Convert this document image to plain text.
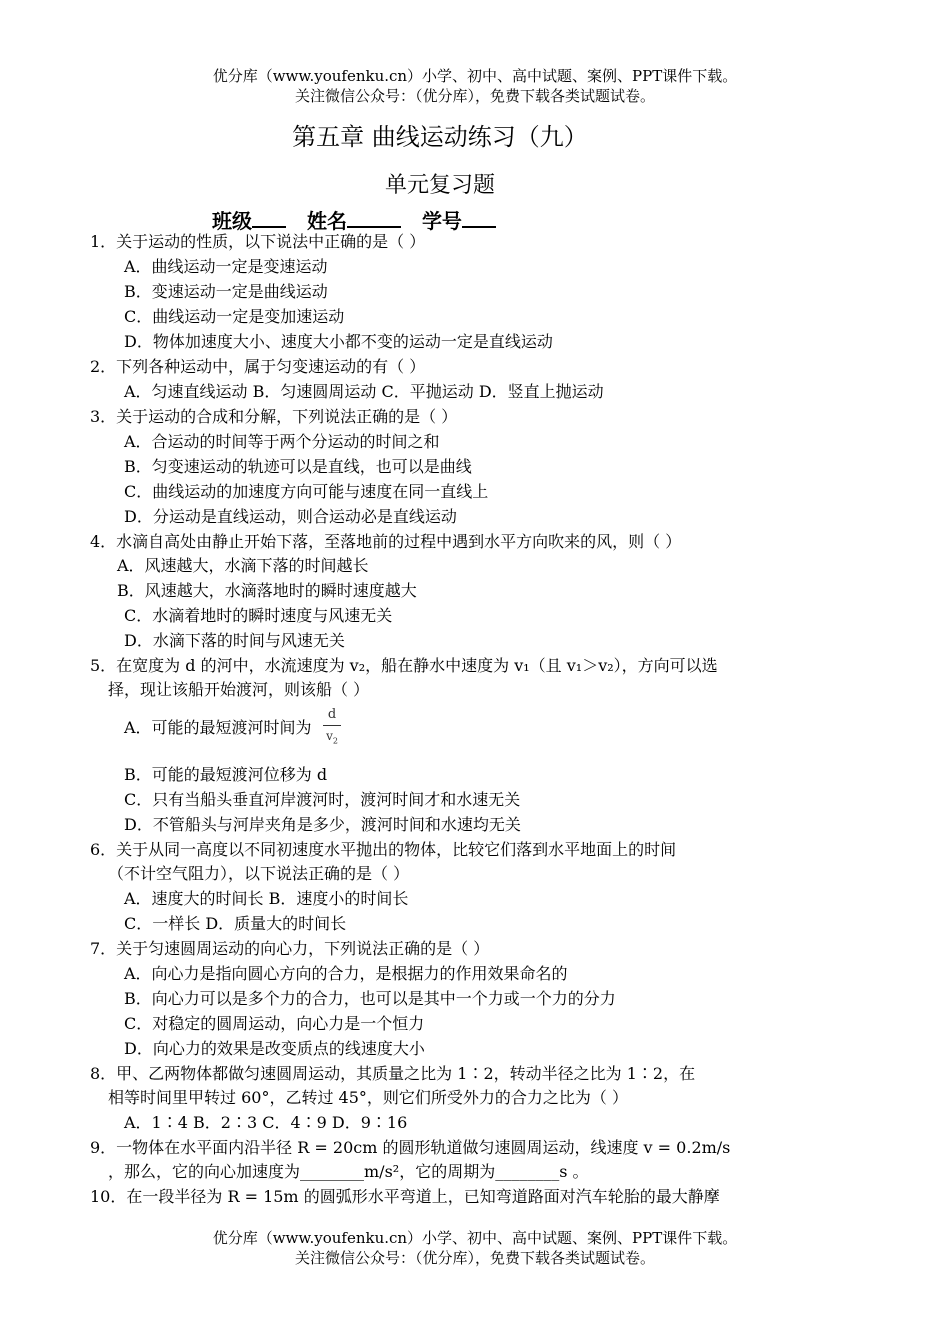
优分库（www.youfenku.cn）小学、初中、高中试题、案例、PPT课件下载。
关注微信公众号：（优分库），免费下载各类试题试卷。
第五章 曲线运动练习（九）
单元复习题
班级	姓名	学号
1．关于运动的性质，以下说法中正确的是（ ）
A．曲线运动一定是变速运动
B．变速运动一定是曲线运动
C．曲线运动一定是变加速运动
D．物体加速度大小、速度大小都不变的运动一定是直线运动
2．下列各种运动中，属于匀变速运动的有（ ）
A．匀速直线运动 B．匀速圆周运动 C．平抛运动 D．竖直上抛运动
3．关于运动的合成和分解，下列说法正确的是（ ）
A．合运动的时间等于两个分运动的时间之和
B．匀变速运动的轨迹可以是直线，也可以是曲线
C．曲线运动的加速度方向可能与速度在同一直线上
D．分运动是直线运动，则合运动必是直线运动
4．水滴自高处由静止开始下落，至落地前的过程中遇到水平方向吹来的风，则（ ）
A．风速越大，水滴下落的时间越长
B．风速越大，水滴落地时的瞬时速度越大
C．水滴着地时的瞬时速度与风速无关
D．水滴下落的时间与风速无关
5．在宽度为 d 的河中，水流速度为 v₂，船在静水中速度为 v₁（且 v₁＞v₂），方向可以选
择，现让该船开始渡河，则该船（ ）
A．可能的最短渡河时间为
d
$v_2$
B．可能的最短渡河位移为 d
C．只有当船头垂直河岸渡河时，渡河时间才和水速无关
D．不管船头与河岸夹角是多少，渡河时间和水速均无关
6．关于从同一高度以不同初速度水平抛出的物体，比较它们落到水平地面上的时间
（不计空气阻力），以下说法正确的是（ ）
A．速度大的时间长 B．速度小的时间长
C．一样长 D．质量大的时间长
7．关于匀速圆周运动的向心力，下列说法正确的是（ ）
A．向心力是指向圆心方向的合力，是根据力的作用效果命名的
B．向心力可以是多个力的合力，也可以是其中一个力或一个力的分力
C．对稳定的圆周运动，向心力是一个恒力
D．向心力的效果是改变质点的线速度大小
8．甲、乙两物体都做匀速圆周运动，其质量之比为 1∶2，转动半径之比为 1∶2，在
相等时间里甲转过 60°，乙转过 45°，则它们所受外力的合力之比为（ ）
A．1∶4 B．2∶3 C．4∶9 D．9∶16
9．一物体在水平面内沿半径 R = 20cm 的圆形轨道做匀速圆周运动，线速度 v = 0.2m/s
，那么，它的向心加速度为________m/s²，它的周期为________s 。
10．在一段半径为 R = 15m 的圆弧形水平弯道上，已知弯道路面对汽车轮胎的最大静摩
优分库（www.youfenku.cn）小学、初中、高中试题、案例、PPT课件下载。
关注微信公众号：（优分库），免费下载各类试题试卷。
